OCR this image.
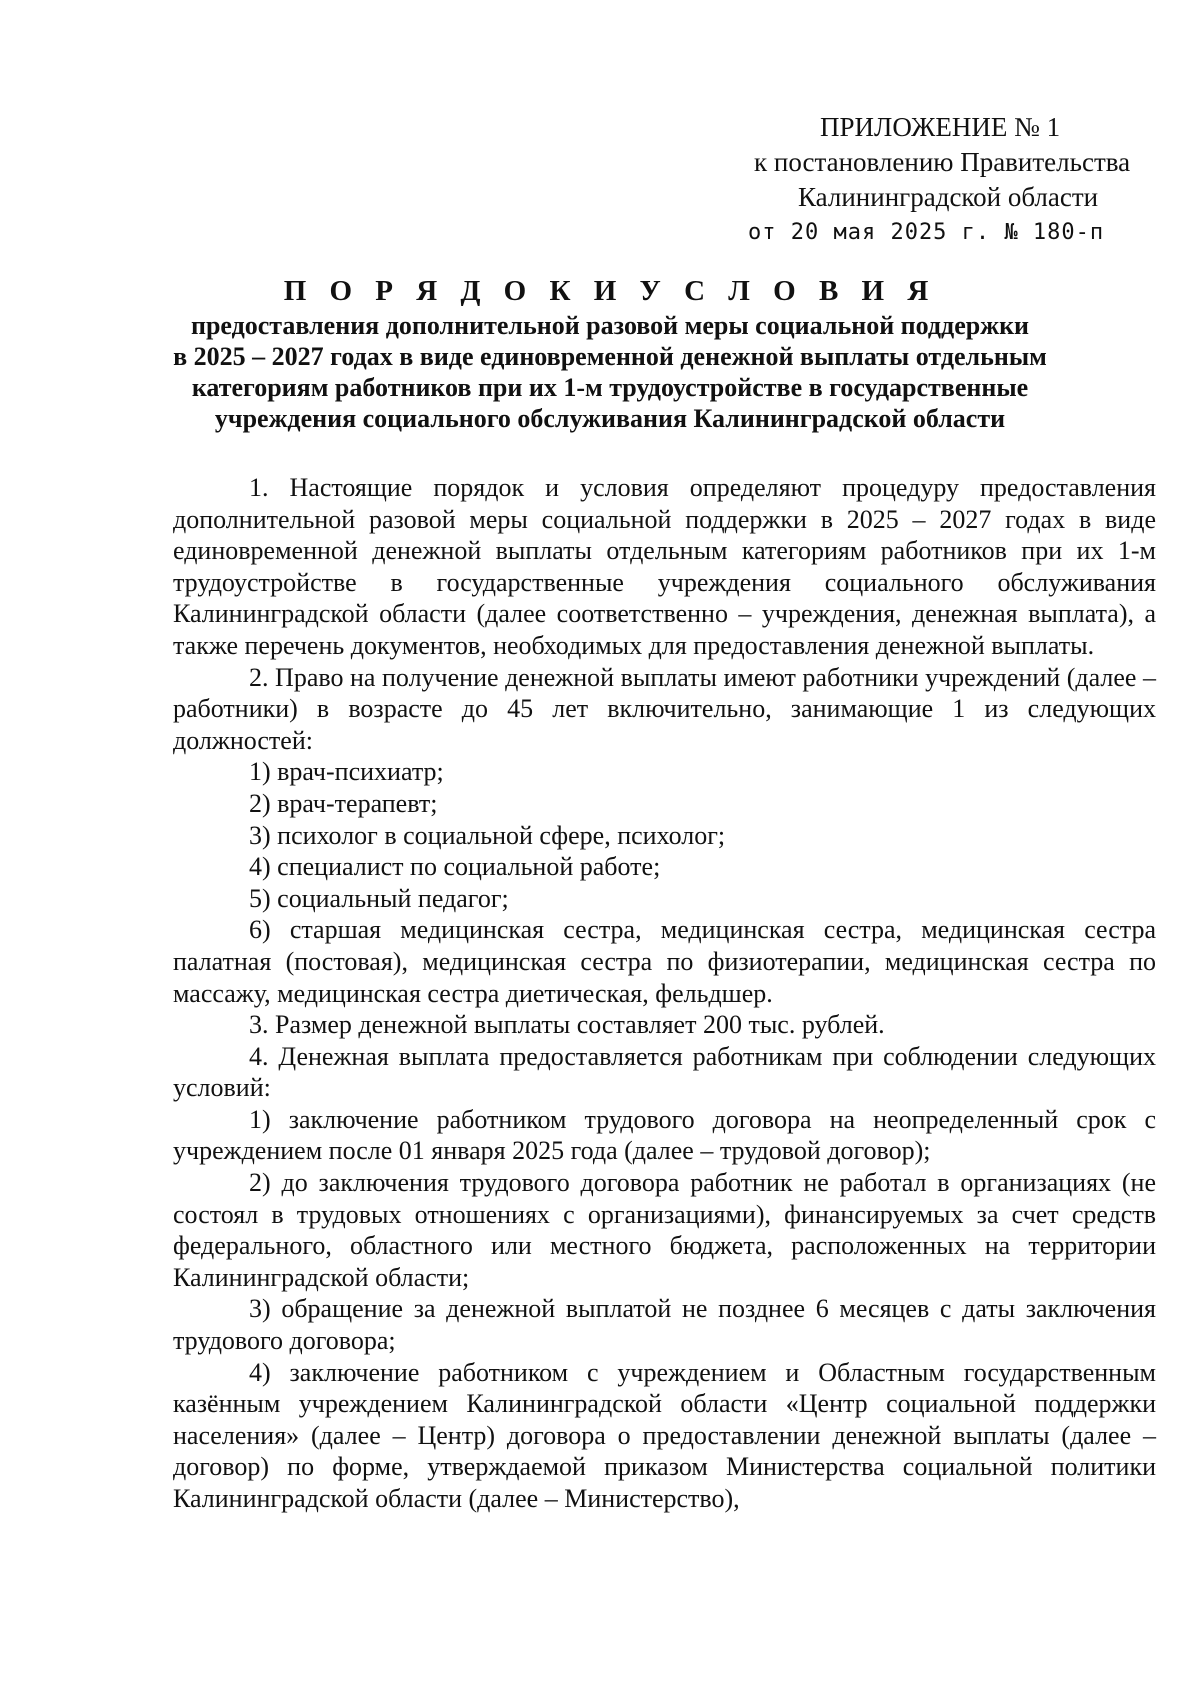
ПРИЛОЖЕНИЕ № 1
к постановлению Правительства
Калининградской области
от 20 мая 2025 г. № 180-п
П О Р Я Д О К И У С Л О В И Я
предоставления дополнительной разовой меры социальной поддержки
в 2025 – 2027 годах в виде единовременной денежной выплаты отдельным
категориям работников при их 1-м трудоустройстве в государственные
учреждения социального обслуживания Калининградской области

1. Настоящие порядок и условия определяют процедуру предоставления дополнительной разовой меры социальной поддержки в 2025 – 2027 годах в виде единовременной денежной выплаты отдельным категориям работников при их 1-м трудоустройстве в государственные учреждения социального обслуживания Калининградской области (далее соответственно – учреждения, денежная выплата), а также перечень документов, необходимых для предоставления денежной выплаты.

2. Право на получение денежной выплаты имеют работники учреждений (далее – работники) в возрасте до 45 лет включительно, занимающие 1 из следующих должностей:

1) врач-психиатр;

2) врач-терапевт;

3) психолог в социальной сфере, психолог;

4) специалист по социальной работе;

5) социальный педагог;

6) старшая медицинская сестра, медицинская сестра, медицинская сестра палатная (постовая), медицинская сестра по физиотерапии, медицинская сестра по массажу, медицинская сестра диетическая, фельдшер.

3. Размер денежной выплаты составляет 200 тыс. рублей.

4. Денежная выплата предоставляется работникам при соблюдении следующих условий:

1) заключение работником трудового договора на неопределенный срок с учреждением после 01 января 2025 года (далее – трудовой договор);

2) до заключения трудового договора работник не работал в организациях (не состоял в трудовых отношениях с организациями), финансируемых за счет средств федерального, областного или местного бюджета, расположенных на территории Калининградской области;

3) обращение за денежной выплатой не позднее 6 месяцев с даты заключения трудового договора;

4) заключение работником с учреждением и Областным государственным казённым учреждением Калининградской области «Центр социальной поддержки населения» (далее – Центр) договора о предоставлении денежной выплаты (далее – договор) по форме, утверждаемой приказом Министерства социальной политики Калининградской области (далее – Министерство),
